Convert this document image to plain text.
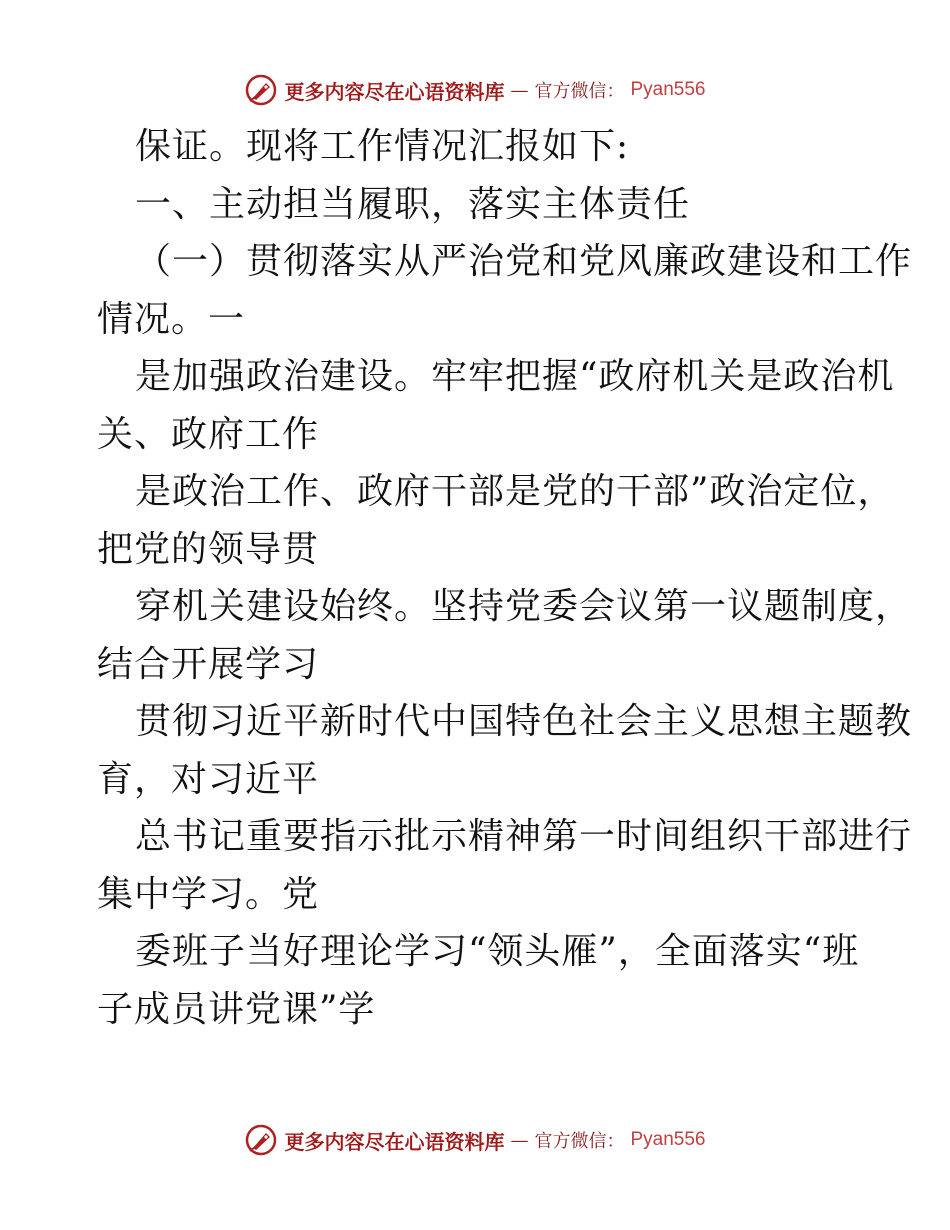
更多内容尽在心语资料库 — 官方微信： Pyan556
保证。现将工作情况汇报如下:
一、主动担当履职，落实主体责任
（一）贯彻落实从严治党和党风廉政建设和工作
情况。一
是加强政治建设。牢牢把握“政府机关是政治机
关、政府工作
是政治工作、政府干部是党的干部”政治定位，
把党的领导贯
穿机关建设始终。坚持党委会议第一议题制度，
结合开展学习
贯彻习近平新时代中国特色社会主义思想主题教
育，对习近平
总书记重要指示批示精神第一时间组织干部进行
集中学习。党
委班子当好理论学习“领头雁”，全面落实“班
子成员讲党课”学
更多内容尽在心语资料库 — 官方微信： Pyan556
